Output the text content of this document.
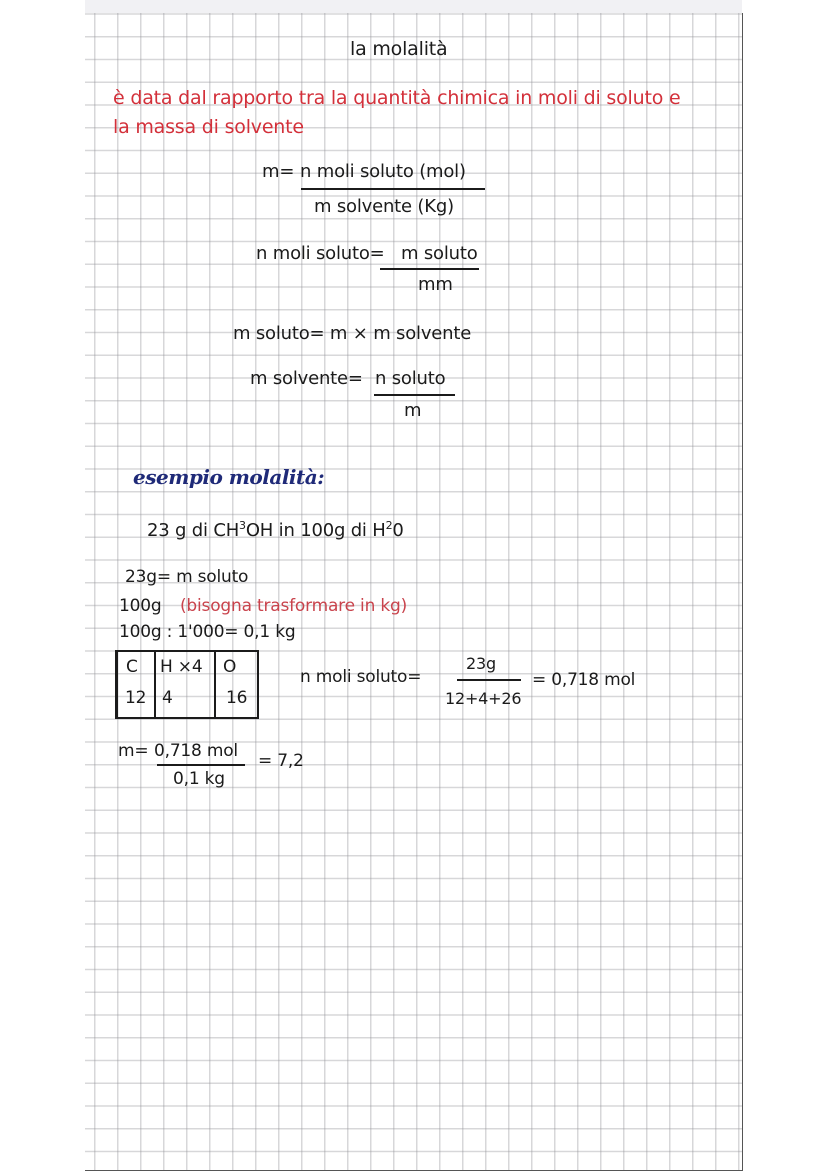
la molalità
è data dal rapporto tra la quantità chimica in moli di soluto e
la massa di solvente
m= n moli soluto (mol)
m solvente (Kg)
n moli soluto= m soluto
mm
m soluto= m × m solvente
m solvente= n soluto
m
esempio molalità:
23 g di $CH^3OH$ in 100g di $H^20$
23g= m soluto
100g (bisogna trasformare in kg)
100g : 1'000= 0,1 kg
C H ×4 O
12 4	16
n moli soluto=
23g
12+4+26
= 0,718 mol
m= 0,718 mol
0,1 kg
= 7,2
